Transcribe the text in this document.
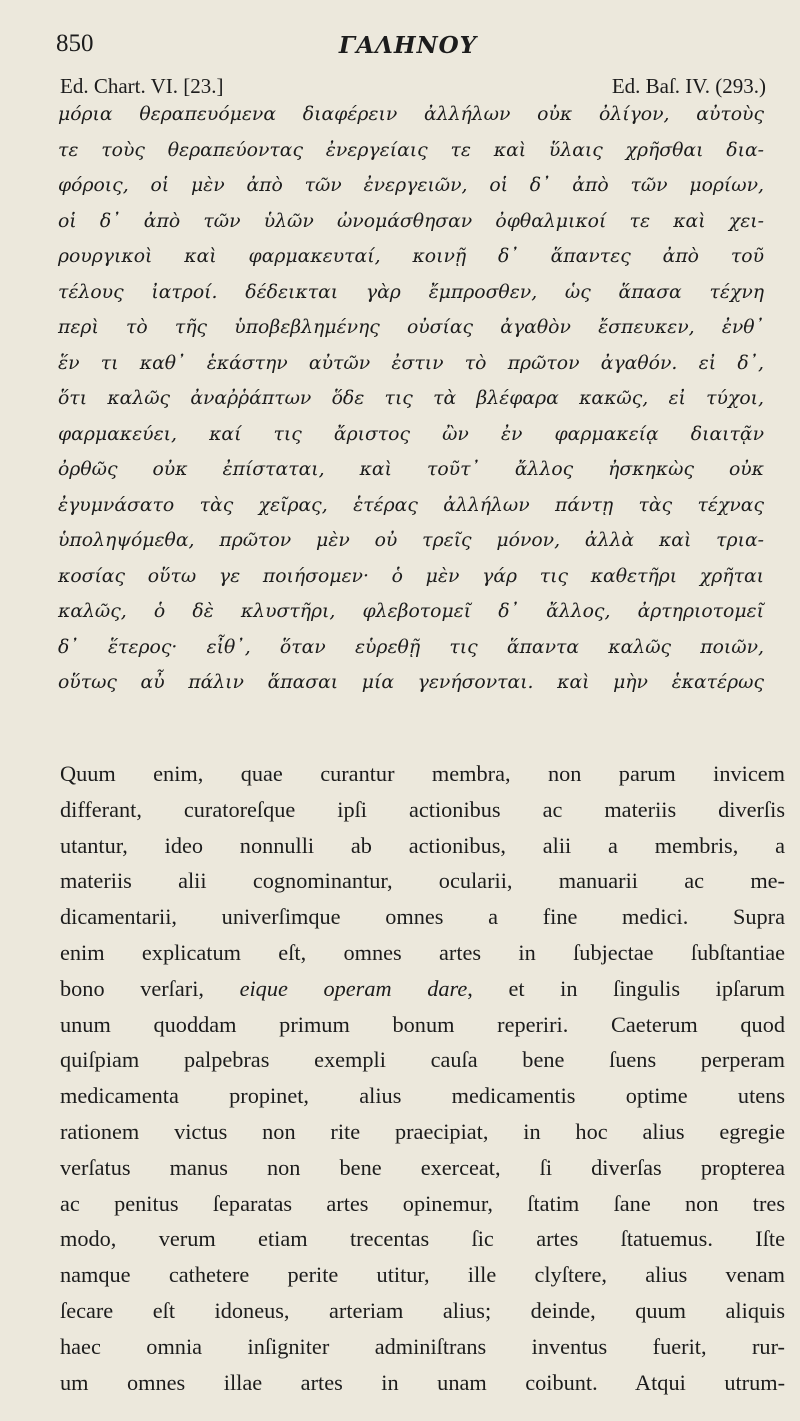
850	ΓΑΛΗΝΟΥ
Ed. Chart. VI. [23.]	Ed. Baſ. IV. (293.)
μόρια θεραπευόμενα διαφέρειν ἀλλήλων οὐκ ὀλίγον, αὐτοὺς
τε τοὺς θεραπεύοντας ἐνεργείαις τε καὶ ὕλαις χρῆσθαι δια-
φόροις, οἱ μὲν ἀπὸ τῶν ἐνεργειῶν, οἱ δ᾽ ἀπὸ τῶν μορίων,
οἱ δ᾽ ἀπὸ τῶν ὑλῶν ὠνομάσθησαν ὀφθαλμικοί τε καὶ χει-
ρουργικοὶ καὶ φαρμακευταί, κοινῇ δ᾽ ἅπαντες ἀπὸ τοῦ
τέλους ἰατροί. δέδεικται γὰρ ἔμπροσθεν, ὡς ἅπασα τέχνη
περὶ τὸ τῆς ὑποβεβλημένης οὐσίας ἀγαθὸν ἔσπευκεν, ἐνθ᾽
ἕν τι καθ᾽ ἑκάστην αὐτῶν ἐστιν τὸ πρῶτον ἀγαθόν. εἰ δ᾽,
ὅτι καλῶς ἀναῤῥάπτων ὅδε τις τὰ βλέφαρα κακῶς, εἰ τύχοι,
φαρμακεύει, καί τις ἄριστος ὢν ἐν φαρμακείᾳ διαιτᾷν
ὀρθῶς οὐκ ἐπίσταται, καὶ τοῦτ᾽ ἄλλος ἠσκηκὼς οὐκ
ἐγυμνάσατο τὰς χεῖρας, ἑτέρας ἀλλήλων πάντῃ τὰς τέχνας
ὑποληψόμεθα, πρῶτον μὲν οὐ τρεῖς μόνον, ἀλλὰ καὶ τρια-
κοσίας οὕτω γε ποιήσομεν· ὁ μὲν γάρ τις καθετῆρι χρῆται
καλῶς, ὁ δὲ κλυστῆρι, φλεβοτομεῖ δ᾽ ἄλλος, ἀρτηριοτομεῖ
δ᾽ ἕτερος· εἶθ᾽, ὅταν εὑρεθῇ τις ἅπαντα καλῶς ποιῶν,
οὕτως αὖ πάλιν ἅπασαι μία γενήσονται. καὶ μὴν ἑκατέρως
Quum enim, quae curantur membra, non parum invicem
differant, curatoreſque ipſi actionibus ac materiis diverſis
utantur, ideo nonnulli ab actionibus, alii a membris, a
materiis alii cognominantur, ocularii, manuarii ac me-
dicamentarii, univerſimque omnes a fine medici. Supra
enim explicatum eſt, omnes artes in ſubjectae ſubſtantiae
bono verſari, eique operam dare, et in ſingulis ipſarum
unum quoddam primum bonum reperiri. Caeterum quod
quiſpiam palpebras exempli cauſa bene ſuens perperam
medicamenta propinet, alius medicamentis optime utens
rationem victus non rite praecipiat, in hoc alius egregie
verſatus manus non bene exerceat, ſi diverſas propterea
ac penitus ſeparatas artes opinemur, ſtatim ſane non tres
modo, verum etiam trecentas ſic artes ſtatuemus. Iſte
namque cathetere perite utitur, ille clyſtere, alius venam
ſecare eſt idoneus, arteriam alius; deinde, quum aliquis
haec omnia inſigniter adminiſtrans inventus fuerit, rur-
um omnes illae artes in unam coibunt. Atqui utrum-
